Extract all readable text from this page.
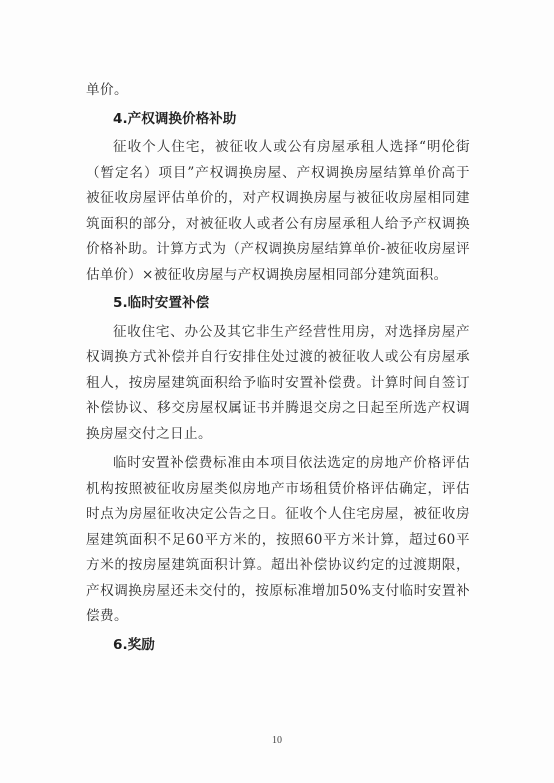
单价。

4.产权调换价格补助

征收个人住宅，被征收人或公有房屋承租人选择“明伦街（暂定名）项目”产权调换房屋、产权调换房屋结算单价高于被征收房屋评估单价的，对产权调换房屋与被征收房屋相同建筑面积的部分，对被征收人或者公有房屋承租人给予产权调换价格补助。计算方式为（产权调换房屋结算单价-被征收房屋评估单价）×被征收房屋与产权调换房屋相同部分建筑面积。

5.临时安置补偿

征收住宅、办公及其它非生产经营性用房，对选择房屋产权调换方式补偿并自行安排住处过渡的被征收人或公有房屋承租人，按房屋建筑面积给予临时安置补偿费。计算时间自签订补偿协议、移交房屋权属证书并腾退交房之日起至所选产权调换房屋交付之日止。

临时安置补偿费标准由本项目依法选定的房地产价格评估机构按照被征收房屋类似房地产市场租赁价格评估确定，评估时点为房屋征收决定公告之日。征收个人住宅房屋，被征收房屋建筑面积不足60平方米的，按照60平方米计算，超过60平方米的按房屋建筑面积计算。超出补偿协议约定的过渡期限，产权调换房屋还未交付的，按原标准增加50%支付临时安置补偿费。

6.奖励

10
